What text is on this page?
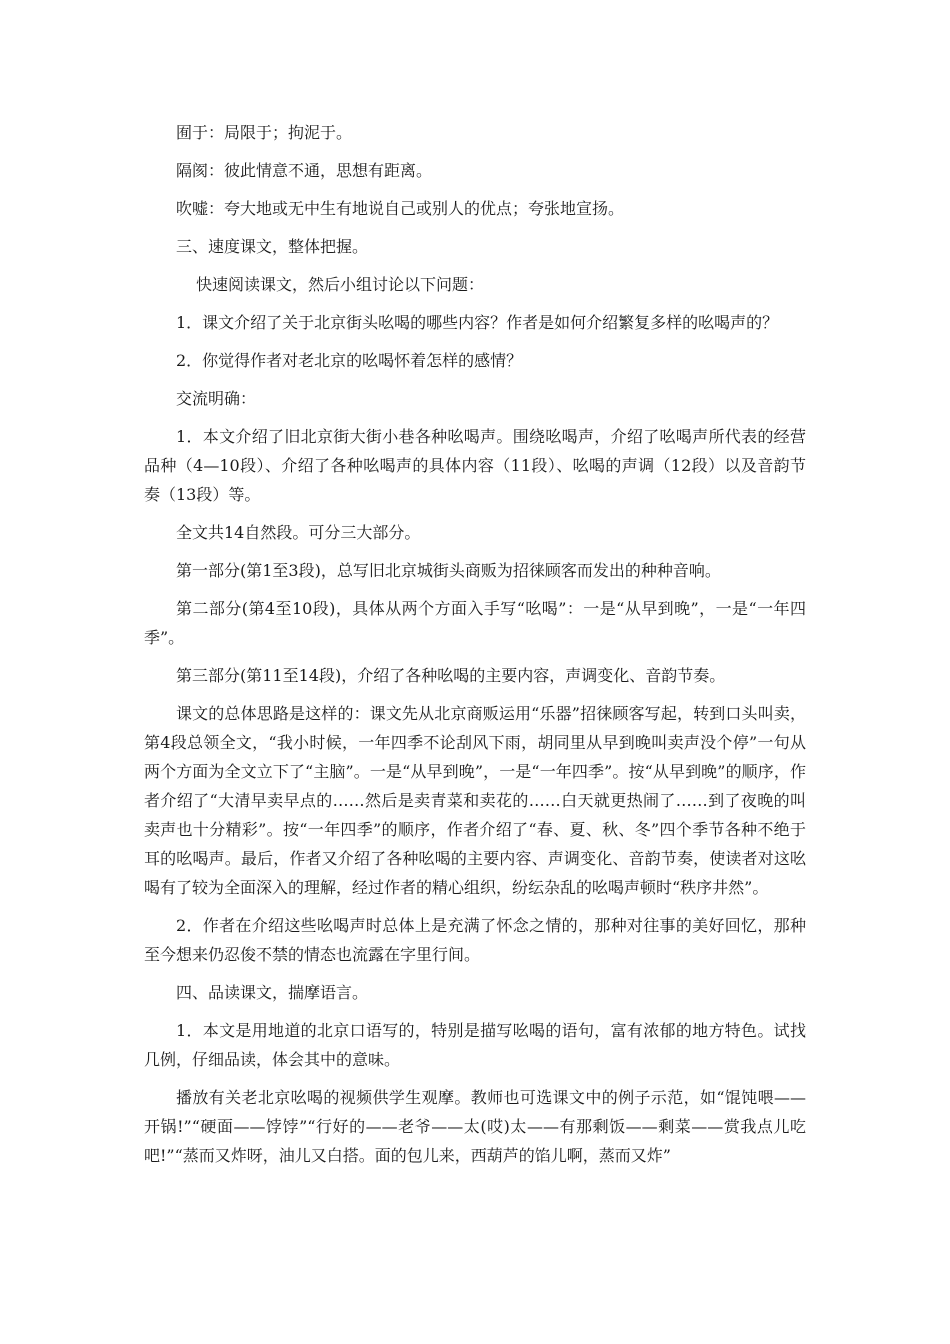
囿于：局限于；拘泥于。

隔阂：彼此情意不通，思想有距离。

吹嘘：夸大地或无中生有地说自己或别人的优点；夸张地宣扬。

三、速度课文，整体把握。

快速阅读课文，然后小组讨论以下问题：

1．课文介绍了关于北京街头吆喝的哪些内容？作者是如何介绍繁复多样的吆喝声的？

2．你觉得作者对老北京的吆喝怀着怎样的感情？

交流明确：

1．本文介绍了旧北京街大街小巷各种吆喝声。围绕吆喝声，介绍了吆喝声所代表的经营品种（4—10段）、介绍了各种吆喝声的具体内容（11段）、吆喝的声调（12段）以及音韵节奏（13段）等。

全文共14自然段。可分三大部分。

第一部分(第1至3段)，总写旧北京城街头商贩为招徕顾客而发出的种种音响。

第二部分(第4至10段)，具体从两个方面入手写“吆喝”：一是“从早到晚”，一是“一年四季”。

第三部分(第11至14段)，介绍了各种吆喝的主要内容，声调变化、音韵节奏。

课文的总体思路是这样的：课文先从北京商贩运用“乐器”招徕顾客写起，转到口头叫卖，第4段总领全文，“我小时候，一年四季不论刮风下雨，胡同里从早到晚叫卖声没个停”一句从两个方面为全文立下了“主脑”。一是“从早到晚”，一是“一年四季”。按“从早到晚”的顺序，作者介绍了“大清早卖早点的……然后是卖青菜和卖花的……白天就更热闹了……到了夜晚的叫卖声也十分精彩”。按“一年四季”的顺序，作者介绍了“春、夏、秋、冬”四个季节各种不绝于耳的吆喝声。最后，作者又介绍了各种吆喝的主要内容、声调变化、音韵节奏，使读者对这吆喝有了较为全面深入的理解，经过作者的精心组织，纷纭杂乱的吆喝声顿时“秩序井然”。

2．作者在介绍这些吆喝声时总体上是充满了怀念之情的，那种对往事的美好回忆，那种至今想来仍忍俊不禁的情态也流露在字里行间。

四、品读课文，揣摩语言。

1．本文是用地道的北京口语写的，特别是描写吆喝的语句，富有浓郁的地方特色。试找几例，仔细品读，体会其中的意味。

播放有关老北京吆喝的视频供学生观摩。教师也可选课文中的例子示范，如“馄饨喂——开锅!”“硬面——饽饽”“行好的——老爷——太(哎)太——有那剩饭——剩菜——赏我点儿吃吧!”“蒸而又炸呀，油儿又白搭。面的包儿来，西葫芦的馅儿啊，蒸而又炸”
